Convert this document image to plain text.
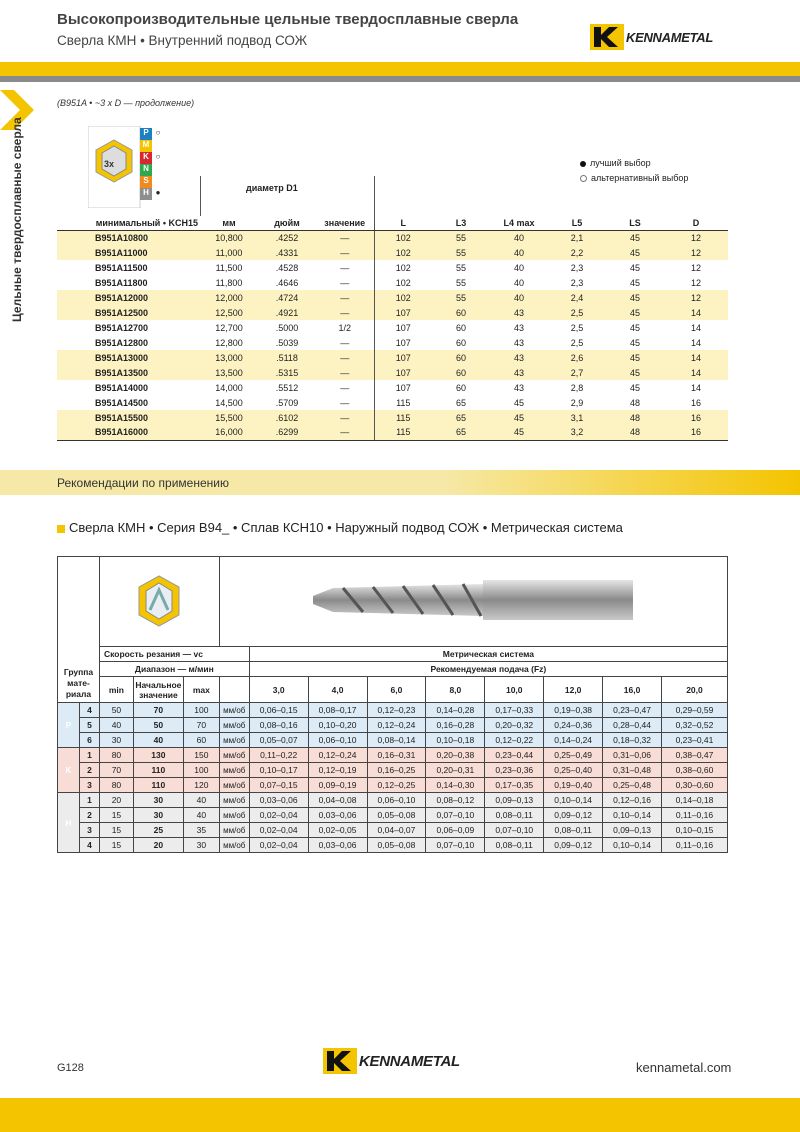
Высокопроизводительные цельные твердосплавные сверла
Сверла КМН • Внутренний подвод СОЖ	KENNAMETAL
Цельные твердосплавные сверла
(B951A • ~3 x D — продолжение)
3x
P ○
M
K ○
N
S
H ●
лучший выбор
альтернативный выбор
диаметр D1
минимальный • KCH15	мм	дюйм	значение	L	L3	L4 max	L5	LS	D
B951A10800	10,800	.4252	—	102	55	40	2,1	45	12
B951A11000	11,000	.4331	—	102	55	40	2,2	45	12
B951A11500	11,500	.4528	—	102	55	40	2,3	45	12
B951A11800	11,800	.4646	—	102	55	40	2,3	45	12
B951A12000	12,000	.4724	—	102	55	40	2,4	45	12
B951A12500	12,500	.4921	—	107	60	43	2,5	45	14
B951A12700	12,700	.5000	1/2	107	60	43	2,5	45	14
B951A12800	12,800	.5039	—	107	60	43	2,5	45	14
B951A13000	13,000	.5118	—	107	60	43	2,6	45	14
B951A13500	13,500	.5315	—	107	60	43	2,7	45	14
B951A14000	14,000	.5512	—	107	60	43	2,8	45	14
B951A14500	14,500	.5709	—	115	65	45	2,9	48	16
B951A15500	15,500	.6102	—	115	65	45	3,1	48	16
B951A16000	16,000	.6299	—	115	65	45	3,2	48	16
Рекомендации по применению
Сверла КМН • Серия В94_ • Сплав КСН10 • Наружный подвод СОЖ • Метрическая система
Группа мате-риала

		Скорость резания — vc				Метрическая система							
		Диапазон — м/мин				Рекомендуемая подача (Fz)							
		min	Начальное значение	max		3,0	4,0	6,0	8,0	10,0	12,0	16,0	20,0
P	4	50	70	100	мм/об	0,06–0,15	0,08–0,17	0,12–0,23	0,14–0,28	0,17–0,33	0,19–0,38	0,23–0,47	0,29–0,59
	5	40	50	70	мм/об	0,08–0,16	0,10–0,20	0,12–0,24	0,16–0,28	0,20–0,32	0,24–0,36	0,28–0,44	0,32–0,52
	6	30	40	60	мм/об	0,05–0,07	0,06–0,10	0,08–0,14	0,10–0,18	0,12–0,22	0,14–0,24	0,18–0,32	0,23–0,41
K	1	80	130	150	мм/об	0,11–0,22	0,12–0,24	0,16–0,31	0,20–0,38	0,23–0,44	0,25–0,49	0,31–0,06	0,38–0,47
	2	70	110	100	мм/об	0,10–0,17	0,12–0,19	0,16–0,25	0,20–0,31	0,23–0,36	0,25–0,40	0,31–0,48	0,38–0,60
	3	80	110	120	мм/об	0,07–0,15	0,09–0,19	0,12–0,25	0,14–0,30	0,17–0,35	0,19–0,40	0,25–0,48	0,30–0,60
H	1	20	30	40	мм/об	0,03–0,06	0,04–0,08	0,06–0,10	0,08–0,12	0,09–0,13	0,10–0,14	0,12–0,16	0,14–0,18
	2	15	30	40	мм/об	0,02–0,04	0,03–0,06	0,05–0,08	0,07–0,10	0,08–0,11	0,09–0,12	0,10–0,14	0,11–0,16
	3	15	25	35	мм/об	0,02–0,04	0,02–0,05	0,04–0,07	0,06–0,09	0,07–0,10	0,08–0,11	0,09–0,13	0,10–0,15
	4	15	20	30	мм/об	0,02–0,04	0,03–0,06	0,05–0,08	0,07–0,10	0,08–0,11	0,09–0,12	0,10–0,14	0,11–0,16
G128	KENNAMETAL	kennametal.com
